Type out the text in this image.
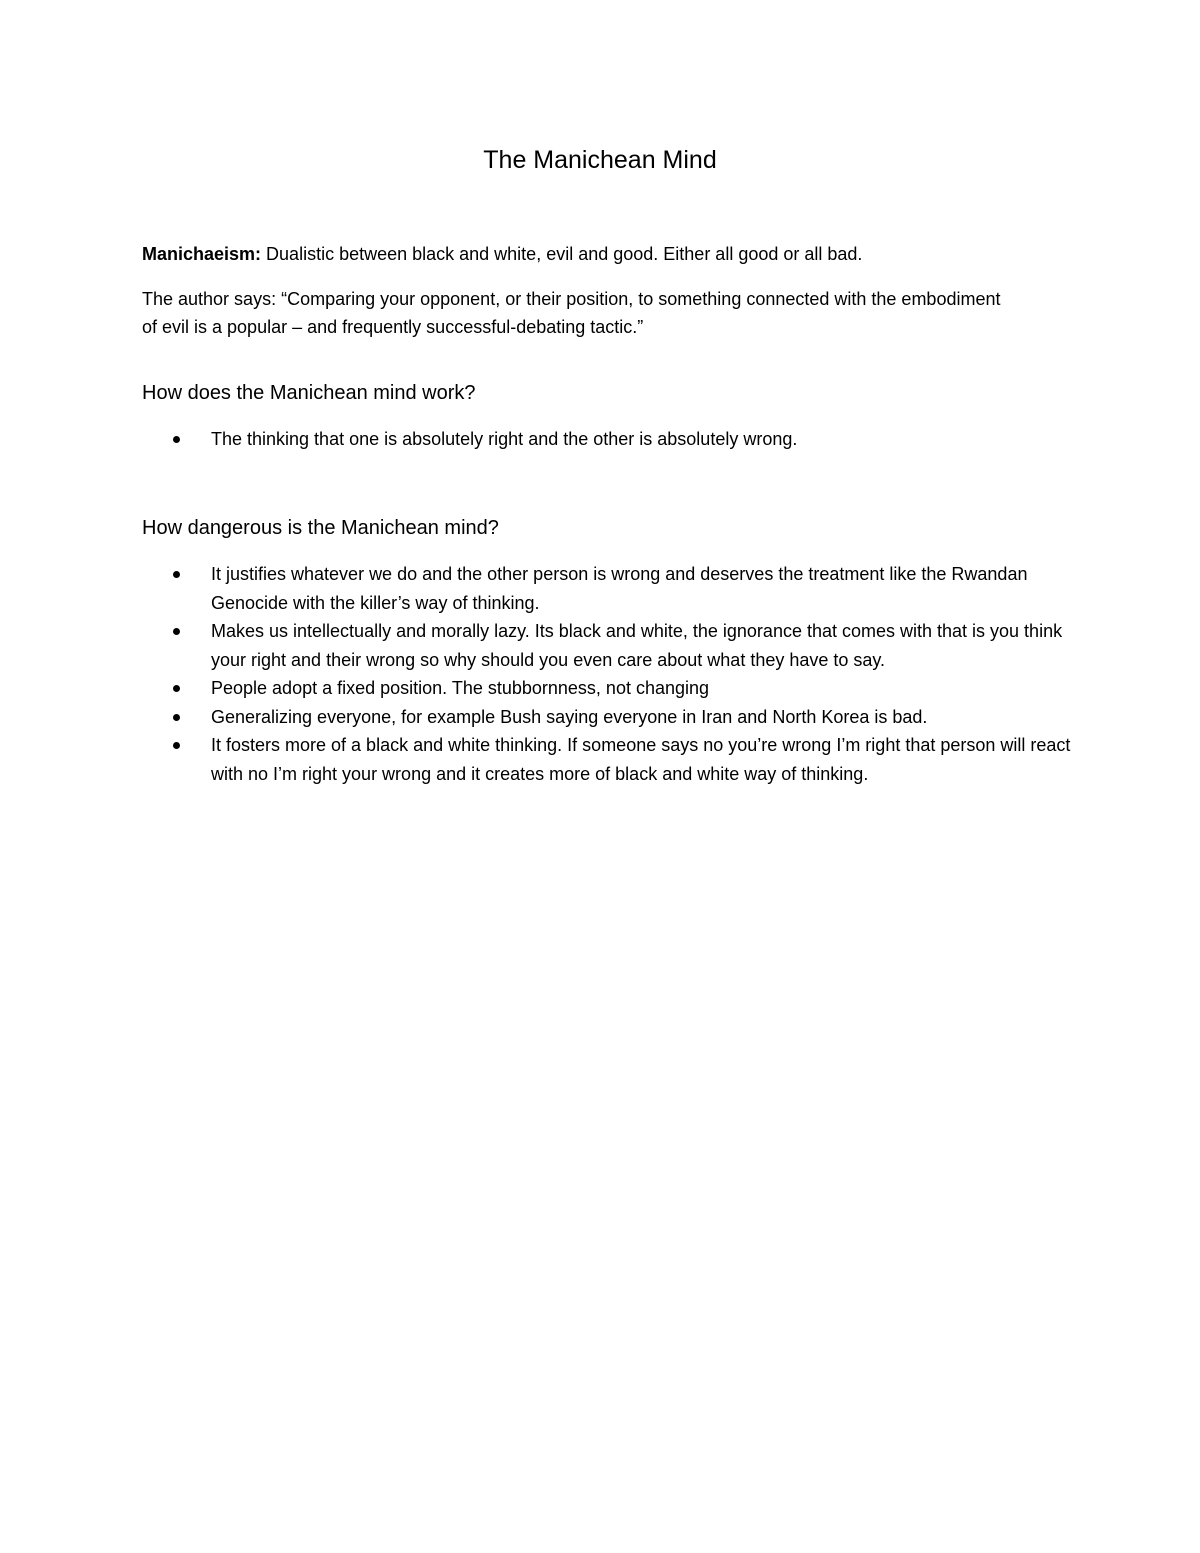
The Manichean Mind
Manichaeism: Dualistic between black and white, evil and good. Either all good or all bad.
The author says: “Comparing your opponent, or their position, to something connected with the embodiment of evil is a popular – and frequently successful-debating tactic.”
How does the Manichean mind work?
The thinking that one is absolutely right and the other is absolutely wrong.
How dangerous is the Manichean mind?
It justifies whatever we do and the other person is wrong and deserves the treatment like the Rwandan Genocide with the killer’s way of thinking.
Makes us intellectually and morally lazy. Its black and white, the ignorance that comes with that is you think your right and their wrong so why should you even care about what they have to say.
People adopt a fixed position. The stubbornness, not changing
Generalizing everyone, for example Bush saying everyone in Iran and North Korea is bad.
It fosters more of a black and white thinking. If someone says no you’re wrong I’m right that person will react with no I’m right your wrong and it creates more of black and white way of thinking.
